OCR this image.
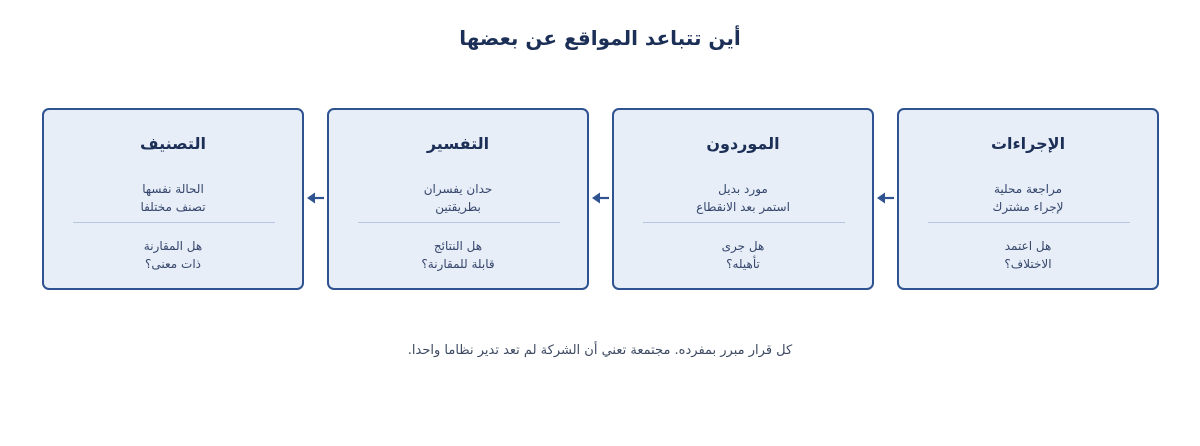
أين تتباعد المواقع عن بعضها
الإجراءات
مراجعة محلية
لإجراء مشترك
هل اعتمد
الاختلاف؟
الموردون
مورد بديل
استمر بعد الانقطاع
هل جرى
تأهيله؟
التفسير
حدان يفسران
بطريقتين
هل النتائج
قابلة للمقارنة؟
التصنيف
الحالة نفسها
تصنف مختلفا
هل المقارنة
ذات معنى؟

كل قرار مبرر بمفرده. مجتمعة تعني أن الشركة لم تعد تدير نظاما واحدا.
